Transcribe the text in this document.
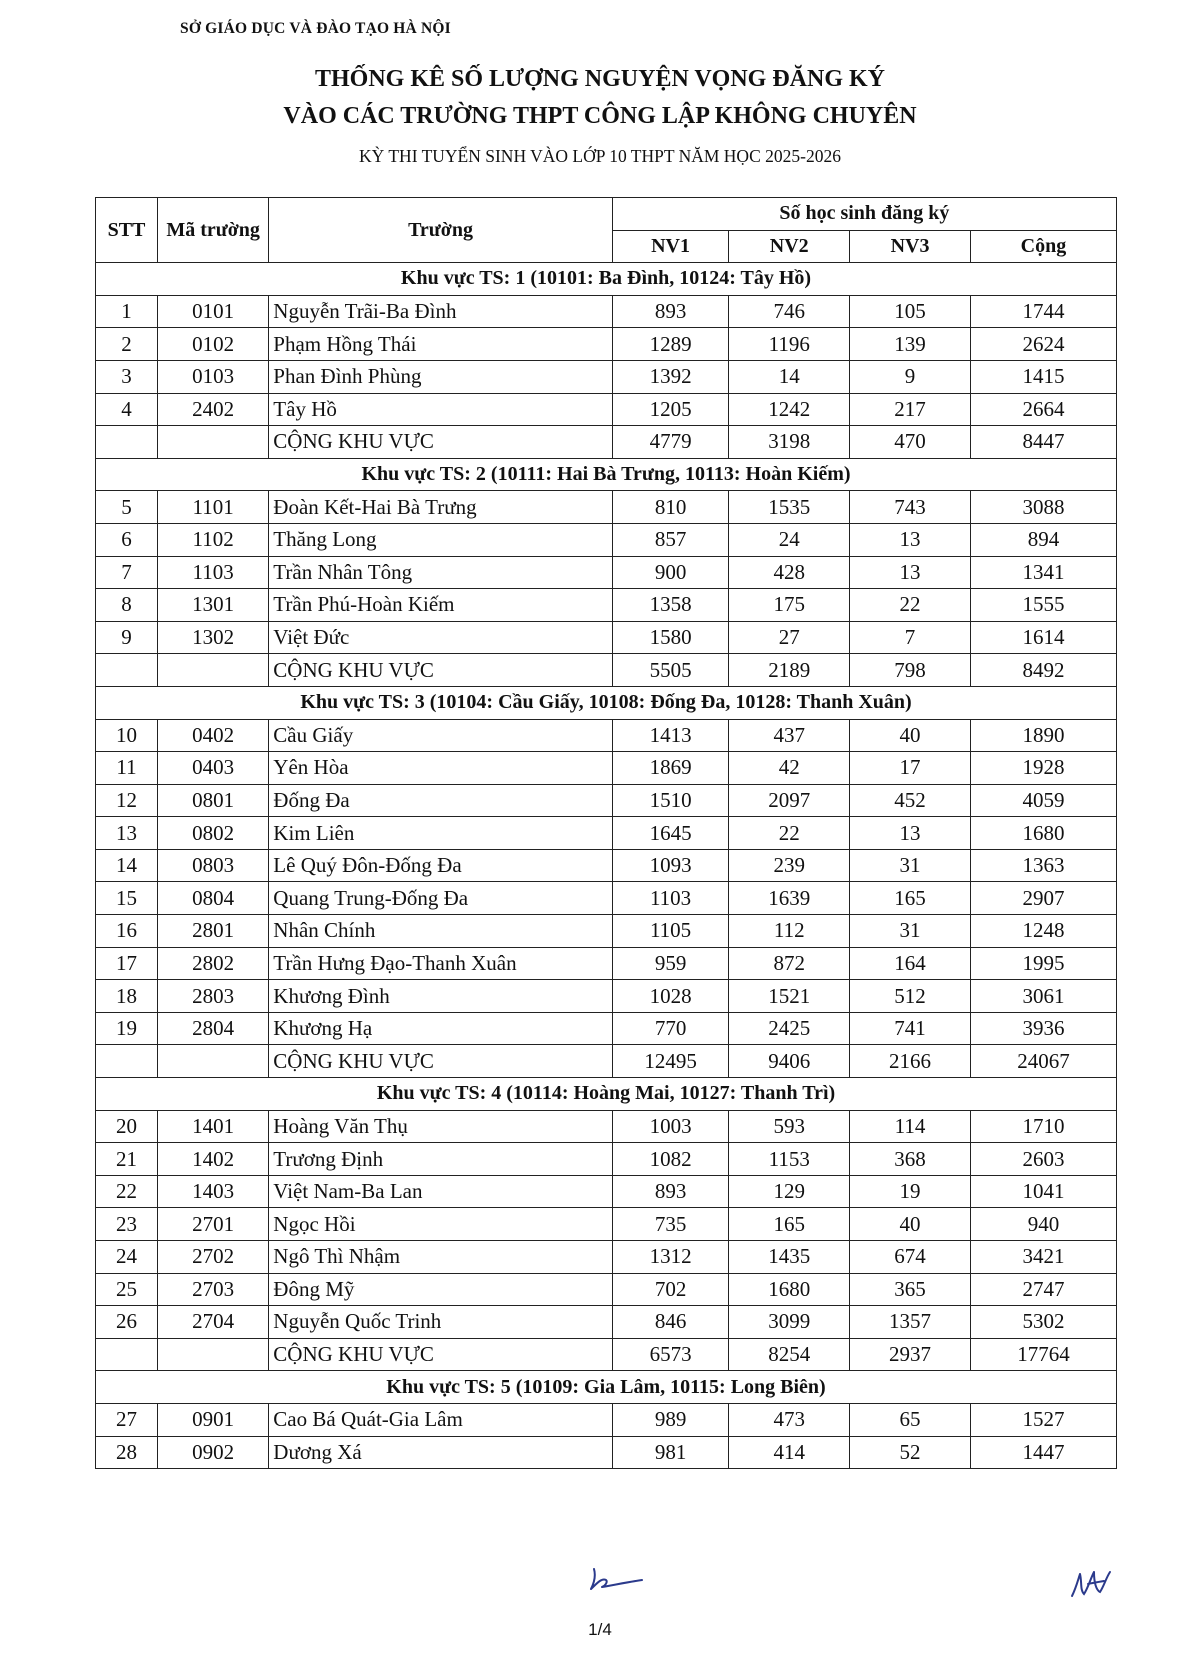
SỞ GIÁO DỤC VÀ ĐÀO TẠO HÀ NỘI
THỐNG KÊ SỐ LƯỢNG NGUYỆN VỌNG ĐĂNG KÝ
VÀO CÁC TRƯỜNG THPT CÔNG LẬP KHÔNG CHUYÊN
KỲ THI TUYỂN SINH VÀO LỚP 10 THPT NĂM HỌC 2025-2026
STT	Mã trường	Trường	Số học sinh đăng ký			
			NV1	NV2	NV3	Cộng
Khu vực TS: 1 (10101: Ba Đình, 10124: Tây Hồ)						
1	0101	Nguyễn Trãi-Ba Đình	893	746	105	1744
2	0102	Phạm Hồng Thái	1289	1196	139	2624
3	0103	Phan Đình Phùng	1392	14	9	1415
4	2402	Tây Hồ	1205	1242	217	2664
		CỘNG KHU VỰC	4779	3198	470	8447
Khu vực TS: 2 (10111: Hai Bà Trưng, 10113: Hoàn Kiếm)						
5	1101	Đoàn Kết-Hai Bà Trưng	810	1535	743	3088
6	1102	Thăng Long	857	24	13	894
7	1103	Trần Nhân Tông	900	428	13	1341
8	1301	Trần Phú-Hoàn Kiếm	1358	175	22	1555
9	1302	Việt Đức	1580	27	7	1614
		CỘNG KHU VỰC	5505	2189	798	8492
Khu vực TS: 3 (10104: Cầu Giấy, 10108: Đống Đa, 10128: Thanh Xuân)						
10	0402	Cầu Giấy	1413	437	40	1890
11	0403	Yên Hòa	1869	42	17	1928
12	0801	Đống Đa	1510	2097	452	4059
13	0802	Kim Liên	1645	22	13	1680
14	0803	Lê Quý Đôn-Đống Đa	1093	239	31	1363
15	0804	Quang Trung-Đống Đa	1103	1639	165	2907
16	2801	Nhân Chính	1105	112	31	1248
17	2802	Trần Hưng Đạo-Thanh Xuân	959	872	164	1995
18	2803	Khương Đình	1028	1521	512	3061
19	2804	Khương Hạ	770	2425	741	3936
		CỘNG KHU VỰC	12495	9406	2166	24067
Khu vực TS: 4 (10114: Hoàng Mai, 10127: Thanh Trì)						
20	1401	Hoàng Văn Thụ	1003	593	114	1710
21	1402	Trương Định	1082	1153	368	2603
22	1403	Việt Nam-Ba Lan	893	129	19	1041
23	2701	Ngọc Hồi	735	165	40	940
24	2702	Ngô Thì Nhậm	1312	1435	674	3421
25	2703	Đông Mỹ	702	1680	365	2747
26	2704	Nguyễn Quốc Trinh	846	3099	1357	5302
		CỘNG KHU VỰC	6573	8254	2937	17764
Khu vực TS: 5 (10109: Gia Lâm, 10115: Long Biên)						
27	0901	Cao Bá Quát-Gia Lâm	989	473	65	1527
28	0902	Dương Xá	981	414	52	1447
1/4
